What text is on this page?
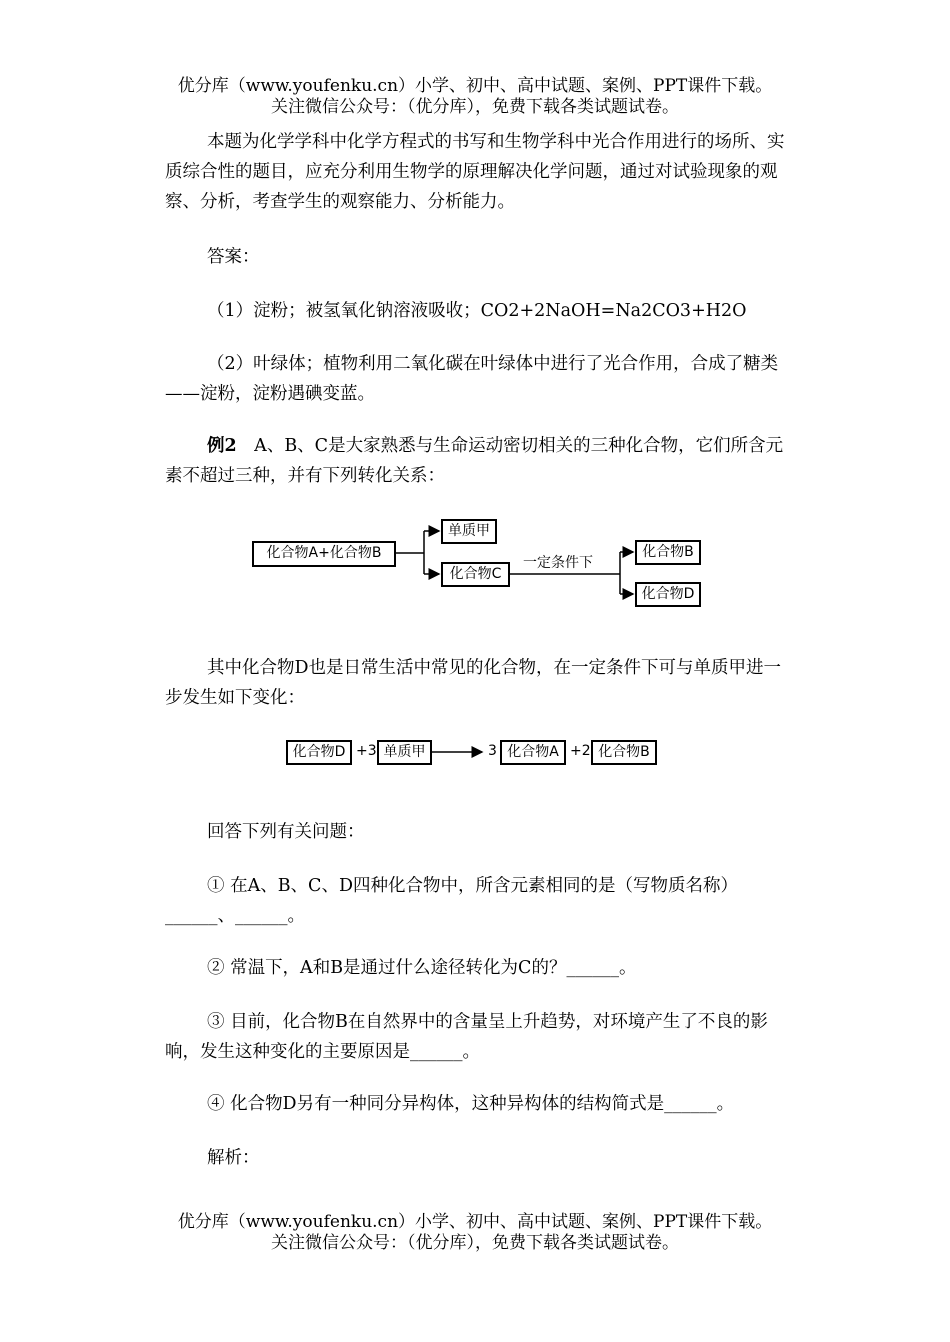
优分库（www.youfenku.cn）小学、初中、高中试题、案例、PPT课件下载。
关注微信公众号：（优分库），免费下载各类试题试卷。

本题为化学学科中化学方程式的书写和生物学科中光合作用进行的场所、实质综合性的题目，应充分利用生物学的原理解决化学问题，通过对试验现象的观察、分析，考查学生的观察能力、分析能力。

答案：

（1）淀粉；被氢氧化钠溶液吸收；CO2+2NaOH=Na2CO3+H2O

（2）叶绿体；植物利用二氧化碳在叶绿体中进行了光合作用，合成了糖类——淀粉，淀粉遇碘变蓝。

例2　A、B、C是大家熟悉与生命运动密切相关的三种化合物，它们所含元素不超过三种，并有下列转化关系：

其中化合物D也是日常生活中常见的化合物，在一定条件下可与单质甲进一步发生如下变化：

回答下列有关问题：

① 在A、B、C、D四种化合物中，所含元素相同的是（写物质名称）______、______。

② 常温下，A和B是通过什么途径转化为C的？______。

③ 目前，化合物B在自然界中的含量呈上升趋势，对环境产生了不良的影响，发生这种变化的主要原因是______。

④ 化合物D另有一种同分异构体，这种异构体的结构简式是______。

解析：

化合物A+化合物B
单质甲
化合物C
一定条件下
化合物B
化合物D
化合物D +3 单质甲	3 化合物A +2 化合物B
优分库（www.youfenku.cn）小学、初中、高中试题、案例、PPT课件下载。
关注微信公众号：（优分库），免费下载各类试题试卷。
